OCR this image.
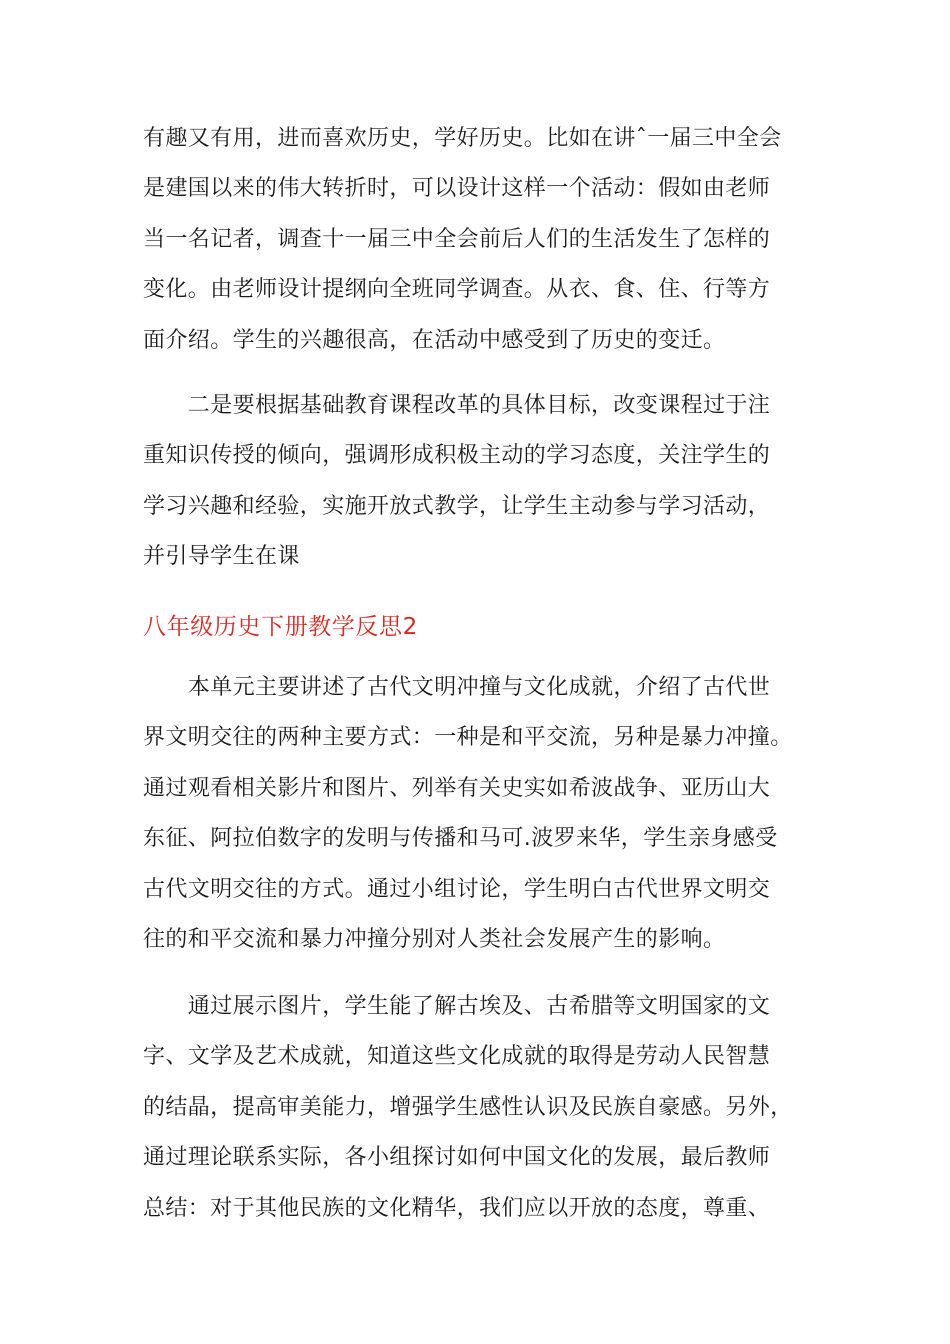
有趣又有用，进而喜欢历史，学好历史。比如在讲ˆ一届三中全会
是建国以来的伟大转折时，可以设计这样一个活动：假如由老师
当一名记者，调查十一届三中全会前后人们的生活发生了怎样的
变化。由老师设计提纲向全班同学调查。从衣、食、住、行等方
面介绍。学生的兴趣很高，在活动中感受到了历史的变迁。

　　二是要根据基础教育课程改革的具体目标，改变课程过于注
重知识传授的倾向，强调形成积极主动的学习态度，关注学生的
学习兴趣和经验，实施开放式教学，让学生主动参与学习活动，
并引导学生在课

八年级历史下册教学反思2

　　本单元主要讲述了古代文明冲撞与文化成就，介绍了古代世
界文明交往的两种主要方式：一种是和平交流，另种是暴力冲撞。
通过观看相关影片和图片、列举有关史实如希波战争、亚历山大
东征、阿拉伯数字的发明与传播和马可.波罗来华，学生亲身感受
古代文明交往的方式。通过小组讨论，学生明白古代世界文明交
往的和平交流和暴力冲撞分别对人类社会发展产生的影响。

　　通过展示图片，学生能了解古埃及、古希腊等文明国家的文
字、文学及艺术成就，知道这些文化成就的取得是劳动人民智慧
的结晶，提高审美能力，增强学生感性认识及民族自豪感。另外，
通过理论联系实际，各小组探讨如何中国文化的发展，最后教师
总结：对于其他民族的文化精华，我们应以开放的态度，尊重、
